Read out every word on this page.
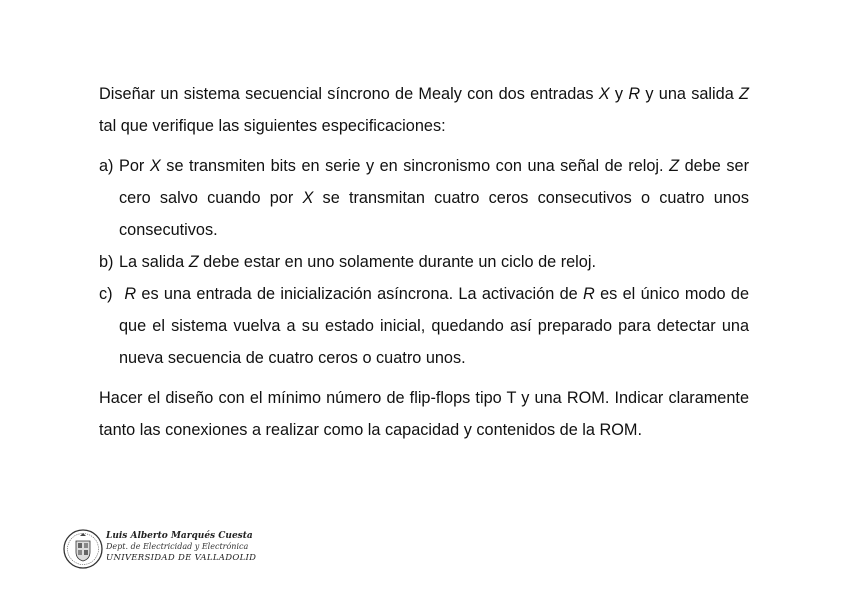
Diseñar un sistema secuencial síncrono de Mealy con dos entradas X y R y una salida Z tal que verifique las siguientes especificaciones:

a) Por X se transmiten bits en serie y en sincronismo con una señal de reloj. Z debe ser cero salvo cuando por X se transmitan cuatro ceros consecutivos o cuatro unos consecutivos.
b) La salida Z debe estar en uno solamente durante un ciclo de reloj.
c) R es una entrada de inicialización asíncrona. La activación de R es el único modo de que el sistema vuelva a su estado inicial, quedando así preparado para detectar una nueva secuencia de cuatro ceros o cuatro unos.

Hacer el diseño con el mínimo número de flip-flops tipo T y una ROM. Indicar claramente tanto las conexiones a realizar como la capacidad y contenidos de la ROM.

Luis Alberto Marqués Cuesta
Dept. de Electricidad y Electrónica
UNIVERSIDAD DE VALLADOLID
